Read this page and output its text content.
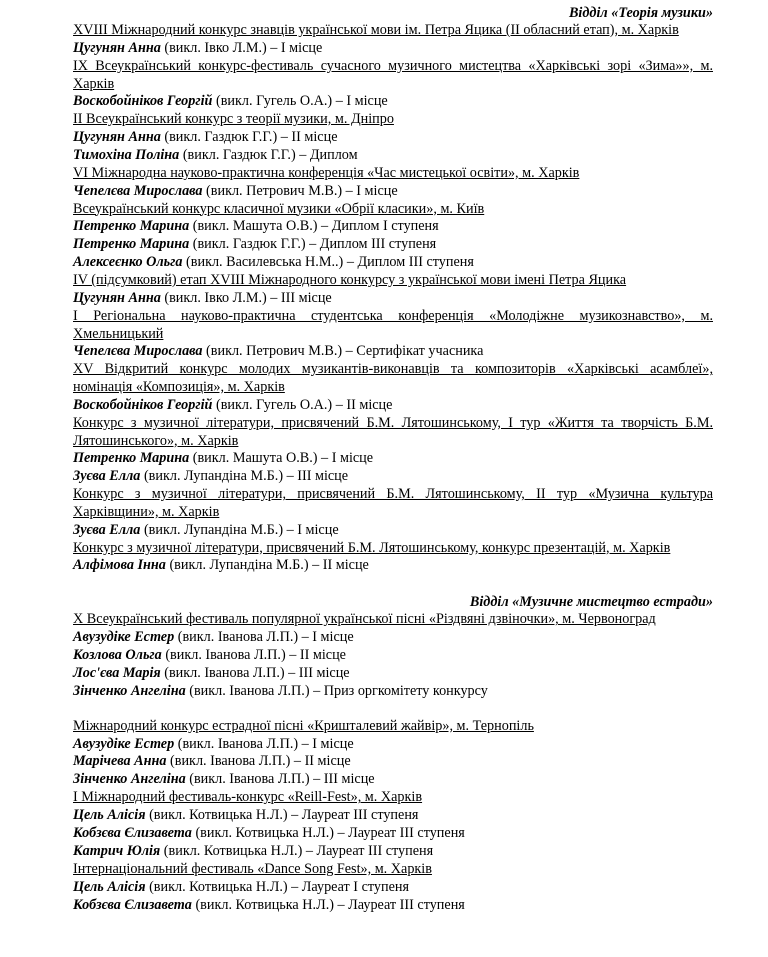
Відділ «Теорія музики»
XVIII Міжнародний конкурс знавців української мови ім. Петра Яцика (ІІ обласний етап), м. Харків
Цугунян Анна (викл. Івко Л.М.) – І місце
IX Всеукраїнський конкурс-фестиваль сучасного музичного мистецтва «Харківські зорі «Зима»», м. Харків
Воскобойніков Георгій (викл. Гугель О.А.) – І місце
ІІ Всеукраїнський конкурс з теорії музики, м. Дніпро
Цугунян Анна (викл. Газдюк Г.Г.) – ІІ місце
Тимохіна Поліна (викл. Газдюк Г.Г.) – Диплом
VI Міжнародна науково-практична конференція «Час мистецької освіти», м. Харків
Чепелєва Мирослава (викл. Петрович М.В.) – І місце
Всеукраїнський конкурс класичної музики «Обрії класики», м. Київ
Петренко Марина (викл. Машута О.В.) – Диплом І ступеня
Петренко Марина (викл. Газдюк Г.Г.) – Диплом ІІІ ступеня
Алексеєнко Ольга (викл. Василевська Н.М..) – Диплом ІІІ ступеня
IV (підсумковий) етап XVIII Міжнародного конкурсу з української мови імені Петра Яцика
Цугунян Анна (викл. Івко Л.М.) – ІІІ місце
І Регіональна науково-практична студентська конференція «Молодіжне музикознавство», м. Хмельницький
Чепелєва Мирослава (викл. Петрович М.В.) – Сертифікат учасника
XV Відкритий конкурс молодих музикантів-виконавців та композиторів «Харківські асамблеї», номінація «Композиція», м. Харків
Воскобойніков Георгій (викл. Гугель О.А.) – ІІ місце
Конкурс з музичної літератури, присвячений Б.М. Лятошинському, І тур «Життя та творчість Б.М. Лятошинського», м. Харків
Петренко Марина (викл. Машута О.В.) – І місце
Зуєва Елла (викл. Лупандіна М.Б.) – ІІІ місце
Конкурс з музичної літератури, присвячений Б.М. Лятошинському, ІІ тур «Музична культура Харківщини», м. Харків
Зуєва Елла (викл. Лупандіна М.Б.) – І місце
Конкурс з музичної літератури, присвячений Б.М. Лятошинському, конкурс презентацій, м. Харків
Алфімова Інна (викл. Лупандіна М.Б.) – ІІ місце
Відділ «Музичне мистецтво естради»
X Всеукраїнський фестиваль популярної української пісні «Різдвяні дзвіночки», м. Червоноград
Авузудіке Естер (викл. Іванова Л.П.) – І місце
Козлова Ольга (викл. Іванова Л.П.) – ІІ місце
Лос'єва Марія (викл. Іванова Л.П.) – ІІІ місце
Зінченко Ангеліна (викл. Іванова Л.П.) – Приз оргкомітету конкурсу
Міжнародний конкурс естрадної пісні «Кришталевий жайвір», м. Тернопіль
Авузудіке Естер (викл. Іванова Л.П.) – І місце
Марічева Анна (викл. Іванова Л.П.) – ІІ місце
Зінченко Ангеліна (викл. Іванова Л.П.) – ІІІ місце
І Міжнародний фестиваль-конкурс «Reill-Fest», м. Харків
Цель Алісія (викл. Котвицька Н.Л.) – Лауреат ІІІ ступеня
Кобзєва Єлизавета (викл. Котвицька Н.Л.) – Лауреат ІІІ ступеня
Катрич Юлія (викл. Котвицька Н.Л.) – Лауреат ІІІ ступеня
Інтернаціональний фестиваль «Dance Song Fest», м. Харків
Цель Алісія (викл. Котвицька Н.Л.) – Лауреат І ступеня
Кобзєва Єлизавета (викл. Котвицька Н.Л.) – Лауреат ІІІ ступеня
